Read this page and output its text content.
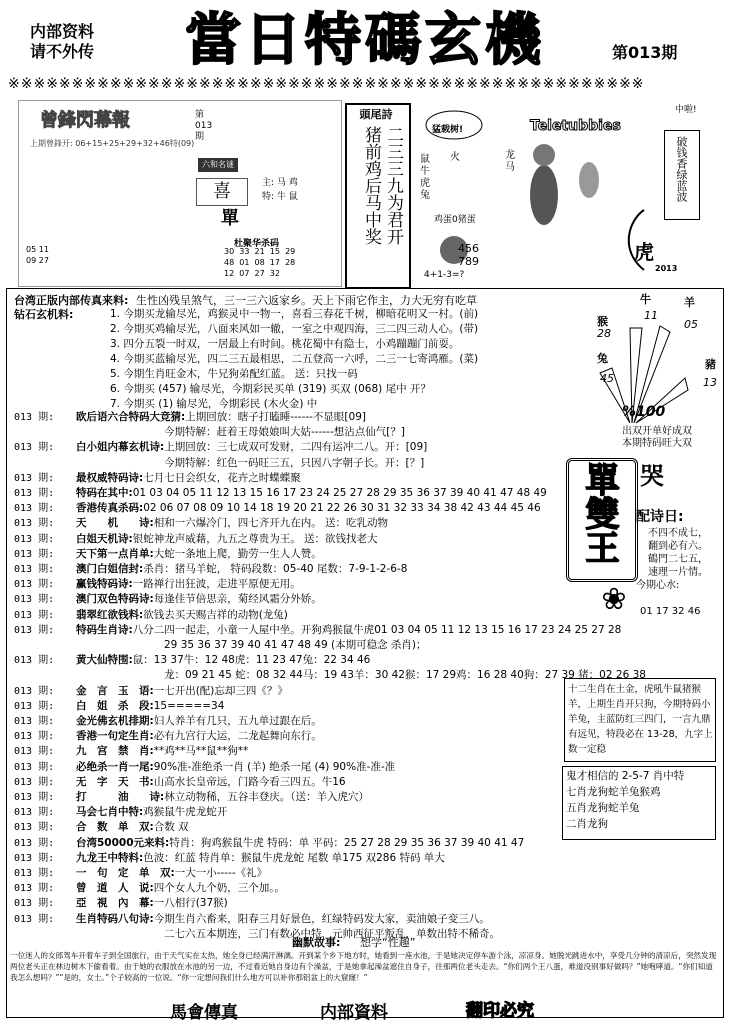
内部资料
请不外传	當日特碼玄機	第013期
※※※※※※※※※※※※※※※※※※※※※※※※※※※※※※※※※※※※※※※※※※※※※※※※※※
曾鋒閃幕報	第
013
期
上期曾鋒开: 06+15+25+29+32+46特(09)
六和名谜
喜	主: 马 鸡
特: 牛 鼠
單
杜聚华杀码
30  33  21  15  29
48  01  08  17  28
12  07  27  32
05 11
09 27
頭尾詩
二三三九为君开
猪前鸡后马中奖	猛载树!	Teletubbies
鼠牛虎兔
火	龙马
鸡蛋0猪蛋
456
789
4+1-3=?
虎
2013
中啦!
破钱香绿蓝波
台湾正版内部传真来料: 生性凶残呈煞气，三一三六返家乡。天上下雨它作主，力大无穷有吃草
钻石玄机料:	1. 今期买龙输尽光，鸡猴灵中一物一，喜看三春花千树，柳暗花明又一村。(前)
2. 今期买鸡输尽光，八面来风如一辙，一室之中观四海，三二四三动人心。(带)
3. 四分五裂一时双，一居最上有时间。桃花蜀中有隐士，小鸡蹦蹦门前耍。
4. 今期买蓝输尽光，四二三五最相思，二五登高一六呼，二三一七寄鸿雁。(菜)
5. 今期生肖旺金木，牛兄狗弟配红蓝。 送：只找一码
6. 今期买 (457) 输尽光，今期彩民买单 (319) 买双 (068) 尾中 开？
7. 今期买 (1) 输尽光，今期彩民 (木火金) 中
013 期: 欧后语六合特码大竞猜:上期回放：瞎子打瞌睡------不显眼[09]
今期特解：赶着王母娘娘叫大姑------想沾点仙气[？]
013 期: 白小姐内幕玄机诗:上期回放：三七成双可发财，二四有运冲二八。开：[09]
今期特解：红色一码旺三五，只因八字朝子长。开：[？]
013 期: 最权威特码诗:七月七日会织女，花卉之时蝶蝶聚
013 期: 特码在其中:01 03 04 05 11 12 13 15 16 17 23 24 25 27 28 29 35 36 37 39 40 41 47 48 49
013 期: 香港传真杀码:02 06 07 08 09 10 14 18 19 20 21 22 26 30 31 32 33 34 38 42 43 44 45 46
013 期: 天　　机　　诗:相和一六爆冷门，四七齐开九在内。 送：吃乳动物
013 期: 白姐天机诗:银蛇神龙声威藉，九五之尊贵为王。 送：欲钱找老大
013 期: 天下第一点肖单:大蛇一条地上爬，勤劳一生人人赞。
013 期: 澳门白姐信封:杀肖：猪马羊蛇， 特码段数：05-40 尾数：7-9-1-2-6-8
013 期: 赢钱特码诗:一路禅行出狂波，走进平原便无用。
013 期: 澳门双色特码诗:每逢佳节倍思亲，菊经风霜分外娇。
013 期: 翡翠红欲钱料:欲钱去买天赐吉祥的动物(龙兔)
013 期: 特码生肖诗:八分二四一起走，小童一人屋中坐。开狗鸡猴鼠牛虎01 03 04 05 11 12 13 15 16 17 23 24 25 27 28
29 35 36 37 39 40 41 47 48 49 (本期可稳念 杀肖)；
013 期: 黄大仙特围:鼠：13 37牛：12 48虎：11 23 47兔：22 34 46
龙：09 21 45 蛇：08 32 44马：19 43羊：30 42猴：17 29鸡：16 28 40狗：27 39 猪：02 26 38
013 期: 金　言　玉　语:一七开出(配)忘却三四《？》
013 期: 白　姐　杀　段:15=====34
013 期: 金光佛玄机排期:妇人养羊有几只，五九单过跟在后。
013 期: 香港一句定生肖:必有九宫行大运，二龙起舞向东行。
013 期: 九　宫　禁　肖:**鸡**马**鼠**狗**
013 期: 必绝杀一肖一尾:90%准-准绝杀一肖 (羊) 绝杀一尾 (4) 90%准-准-准
013 期: 无　字　天　书:山高水长皇帝远，门路今看三四五。牛16
013 期: 打　　　油　　诗:林立动物稀，五谷丰登庆。（送：羊入虎穴）
013 期: 马会七肖中特:鸡猴鼠牛虎龙蛇开
013 期: 合　数　单　双:合数 双
013 期: 台湾50000元来料:特肖：狗鸡猴鼠牛虎 特码：单 平码：25 27 28 29 35 36 37 39 40 41 47
013 期: 九龙王中特料:色波：红蓝 特肖单：猴鼠牛虎龙蛇 尾数 单175 双286 特码 单大
013 期: 一　句　定　单　双:一大一小-----《礼》
013 期: 曾　道　人　说:四个女人九个奶，三个加。。
013 期: 亞　視　內　幕:一八相行(37猴)
013 期: 生肖特码八句诗:今期生肖六畜来，阳春三月好景色，红绿特码发大家，卖油娘子变三八。
二七六五本期连，三门有数必中特，元帅西征平叛乱，单数出特不稀奇。
牛	羊
猴
兔	豬
11
05
28
45	13
%100
出双开单好成双
本期特码旺大双
單雙王 哭
配诗日:
不四不成七，
翻到必有六。
鶴門二七五，
速理一片情。
今期心水:
❀	01 17 32 46
十二生肖在土金，虎吼牛鼠猪猴羊，上期生肖开只狗，今期特码小羊兔，主蓝防红三四门，一言九鼎有远见，特段必在 13-28，九字上数一定稳
鬼才相信的 2-5-7 肖中特
七肖龙狗蛇羊兔猴鸡
五肖龙狗蛇羊兔
二肖龙狗
幽默故事: 想学“性趣”
一位迷人的女郎驾车开着车子到全国旅行，由于天气实在太热，她全身已经满汗淋漓。开到某个乡下地方时，她看到一座水池，于是她决定停车游个泳，凉凉身。她脱光跳进水中，享受几分钟的清凉后，突然发现两位老头正在林边树木下偷看着。由于她的衣服放在水池的另一边，不过看近她自身边有个澡盆，于是她拿起澡盆遮住自身子，往那两位老头走去。“你们两个王八蛋，难道没别事好做吗？”她咆哮道。“你们知道我怎么想吗？”“是的，女士。”个子较高的一位说。“你一定想问我们什么地方可以补你那铝盆上的大窟窿！”
馬會傳真	内部資料	翻印必究
